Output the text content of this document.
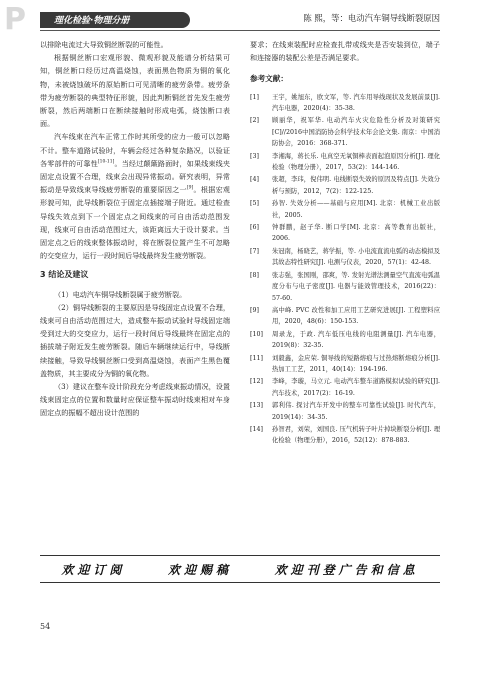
P	理化检验·物理分册	陈 熙，等：电动汽车铜导线断裂原因

以排除电流过大导致铜丝断裂的可能性。

根据铜丝断口宏观形貌、微观形貌及能谱分析结果可知，铜丝断口经历过高温烧蚀，表面黑色物质为铜的氧化物，未被烧蚀破坏的原始断口可见清晰的疲劳条带。疲劳条带为疲劳断裂的典型特征形貌，因此判断铜丝首先发生疲劳断裂，然后两端断口在断续接触时形成电弧，烧蚀断口表面。

汽车线束在汽车正常工作时其所受的应力一般可以忽略不计。整车道路试验时，车辆会经过各种复杂路况，以验证各零部件的可靠性[10-11]。当经过颠簸路面时，如果线束线夹固定点设置不合理，线束会出现异常振动。研究表明，异常振动是导致线束导线疲劳断裂的重要原因之一[9]。根据宏观形貌可知，此导线断裂位于固定点插接端子附近。通过检查导线失效点到下一个固定点之间线束的可自由活动范围发现，线束可自由活动范围过大，该距离远大于设计要求。当固定点之后的线束整体振动时，将在断裂位置产生不可忽略的交变应力，运行一段时间后导线最终发生疲劳断裂。

3 结论及建议

（1）电动汽车铜导线断裂属于疲劳断裂。

（2）铜导线断裂的主要原因是导线固定点设置不合理，线束可自由活动范围过大，造成整车振动试验时导线固定端受到过大的交变应力，运行一段时间后导线最终在固定点的插拔端子附近发生疲劳断裂。随后车辆继续运行中，导线断续接触，导致导线铜丝断口受到高温烧蚀，表面产生黑色覆盖物质，其主要成分为铜的氧化物。

（3）建议在整车设计阶段充分考虑线束振动情况，设置线束固定点的位置和数量时应保证整车振动时线束相对车身固定点的振幅不超出设计范围的

要求；在线束装配时应检查扎带或线夹是否安装到位，端子和连接器的装配公差是否满足要求。

参考文献：
[1]	王宇，姚旭东，欧文军，等. 汽车用导线现状及发展前景[J]. 汽车电器，2020(4)：35-38.
[2]	顾丽华，祝军华. 电动汽车火灾危险性分析及对策研究[C]//2016中国消防协会科学技术年会论文集. 南京：中国消防协会，2016：368-371.
[3]	李湘海，蒋长乐. 电真空无氧铜棒表面起泡原因分析[J]. 理化检验（物理分册），2017，53(2)：144-146.
[4]	张超，李玮，倪伟明. 电线断裂失效的原因及特点[J]. 失效分析与预防，2012，7(2)：122-125.
[5]	孙智. 失效分析——基础与应用[M]. 北京：机械工业出版社，2005.
[6]	钟群鹏，赵子华. 断口学[M]. 北京：高等教育出版社，2006.
[7]	朱冠南，杨晓艺，蒋学振，等. 小电流直流电弧的动态模拟及其故态特性研究[J]. 电测与仪表，2020，57(1)：42-48.
[8]	张志强，张国刚，邵爽，等. 发射光谱法测量空气直流电弧温度分布与电子密度[J]. 电器与能效管理技术，2016(22)：57-60.
[9]	高中峰. PVC 改性和加工应用工艺研究进展[J]. 工程塑料应用，2020，48(6)：150-153.
[10]	周录龙，于政. 汽车低压电线的电阻测量[J]. 汽车电器，2019(8)：32-35.
[11]	刘毅鑫，金应荣. 铜导线的短路熔痕与过热熔断熔痕分析[J]. 热加工工艺，2011，40(14)：194-196.
[12]	李峰，李璇，马立元. 电动汽车整车道路模拟试验的研究[J]. 汽车技术，2017(2)：16-19.
[13]	郭利伟. 探讨汽车开发中的整车可靠性试验[J]. 时代汽车，2019(14)：34-35.
[14]	孙智君，刘荣，刘国良. 压气机转子叶片掉块断裂分析[J]. 理化检验（物理分册），2016，52(12)：878-883.
欢迎订阅	欢迎赐稿	欢迎刊登广告和信息
54
